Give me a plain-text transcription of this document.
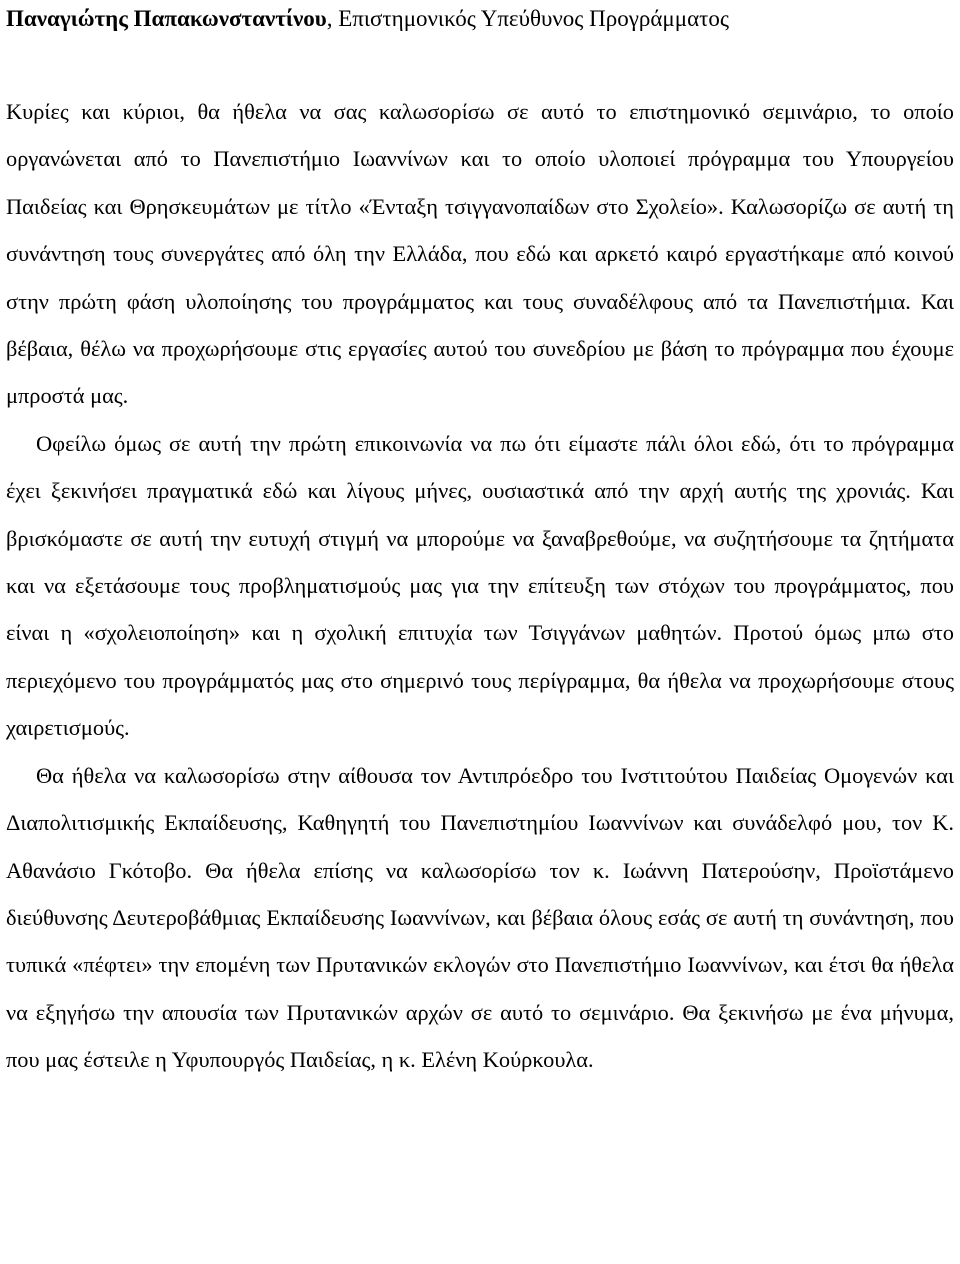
Παναγιώτης Παπακωνσταντίνου, Επιστημονικός Υπεύθυνος Προγράμματος

Κυρίες και κύριοι, θα ήθελα να σας καλωσορίσω σε αυτό το επιστημονικό σεμινάριο, το οποίο οργανώνεται από το Πανεπιστήμιο Ιωαννίνων και το οποίο υλοποιεί πρόγραμμα του Υπουργείου Παιδείας και Θρησκευμάτων με τίτλο «Ένταξη τσιγγανοπαίδων στο Σχολείο». Καλωσορίζω σε αυτή τη συνάντηση τους συνεργάτες από όλη την Ελλάδα, που εδώ και αρκετό καιρό εργαστήκαμε από κοινού στην πρώτη φάση υλοποίησης του προγράμματος και τους συναδέλφους από τα Πανεπιστήμια. Και βέβαια, θέλω να προχωρήσουμε στις εργασίες αυτού του συνεδρίου με βάση το πρόγραμμα που έχουμε μπροστά μας.

Οφείλω όμως σε αυτή την πρώτη επικοινωνία να πω ότι είμαστε πάλι όλοι εδώ, ότι το πρόγραμμα έχει ξεκινήσει πραγματικά εδώ και λίγους μήνες, ουσιαστικά από την αρχή αυτής της χρονιάς. Και βρισκόμαστε σε αυτή την ευτυχή στιγμή να μπορούμε να ξαναβρεθούμε, να συζητήσουμε τα ζητήματα και να εξετάσουμε τους προβληματισμούς μας για την επίτευξη των στόχων του προγράμματος, που είναι η «σχολειοποίηση» και η σχολική επιτυχία των Τσιγγάνων μαθητών. Προτού όμως μπω στο περιεχόμενο του προγράμματός μας στο σημερινό τους περίγραμμα, θα ήθελα να προχωρήσουμε στους χαιρετισμούς.

Θα ήθελα να καλωσορίσω στην αίθουσα τον Αντιπρόεδρο του Ινστιτούτου Παιδείας Ομογενών και Διαπολιτισμικής Εκπαίδευσης, Καθηγητή του Πανεπιστημίου Ιωαννίνων και συνάδελφό μου, τον Κ. Αθανάσιο Γκότοβο. Θα ήθελα επίσης να καλωσορίσω τον κ. Ιωάννη Πατερούσην, Προϊστάμενο διεύθυνσης Δευτεροβάθμιας Εκπαίδευσης Ιωαννίνων, και βέβαια όλους εσάς σε αυτή τη συνάντηση, που τυπικά «πέφτει» την επομένη των Πρυτανικών εκλογών στο Πανεπιστήμιο Ιωαννίνων, και έτσι θα ήθελα να εξηγήσω την απουσία των Πρυτανικών αρχών σε αυτό το σεμινάριο. Θα ξεκινήσω με ένα μήνυμα, που μας έστειλε η Υφυπουργός Παιδείας, η κ. Ελένη Κούρκουλα.
